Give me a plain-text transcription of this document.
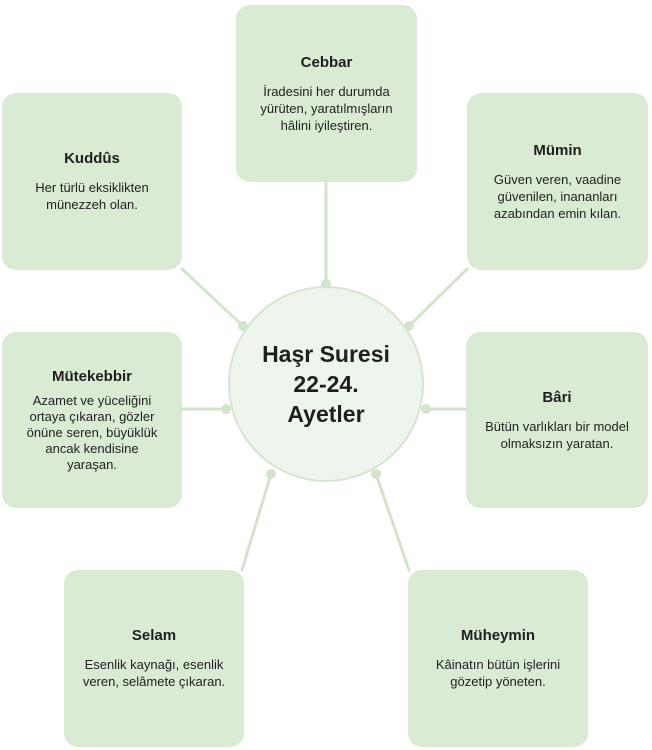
Haşr Suresi
22-24.
Ayetler
Cebbar
İradesini her durumda
yürüten, yaratılmışların
hâlini iyileştiren.
Kuddûs
Her türlü eksiklikten
münezzeh olan.
Mümin
Güven veren, vaadine
güvenilen, inananları
azabından emin kılan.
Mütekebbir
Azamet ve yüceliğini
ortaya çıkaran, gözler
önüne seren, büyüklük
ancak kendisine
yaraşan.
Bâri
Bütün varlıkları bir model
olmaksızın yaratan.
Selam
Esenlik kaynağı, esenlik
veren, selâmete çıkaran.
Müheymin
Kâinatın bütün işlerini
gözetip yöneten.
